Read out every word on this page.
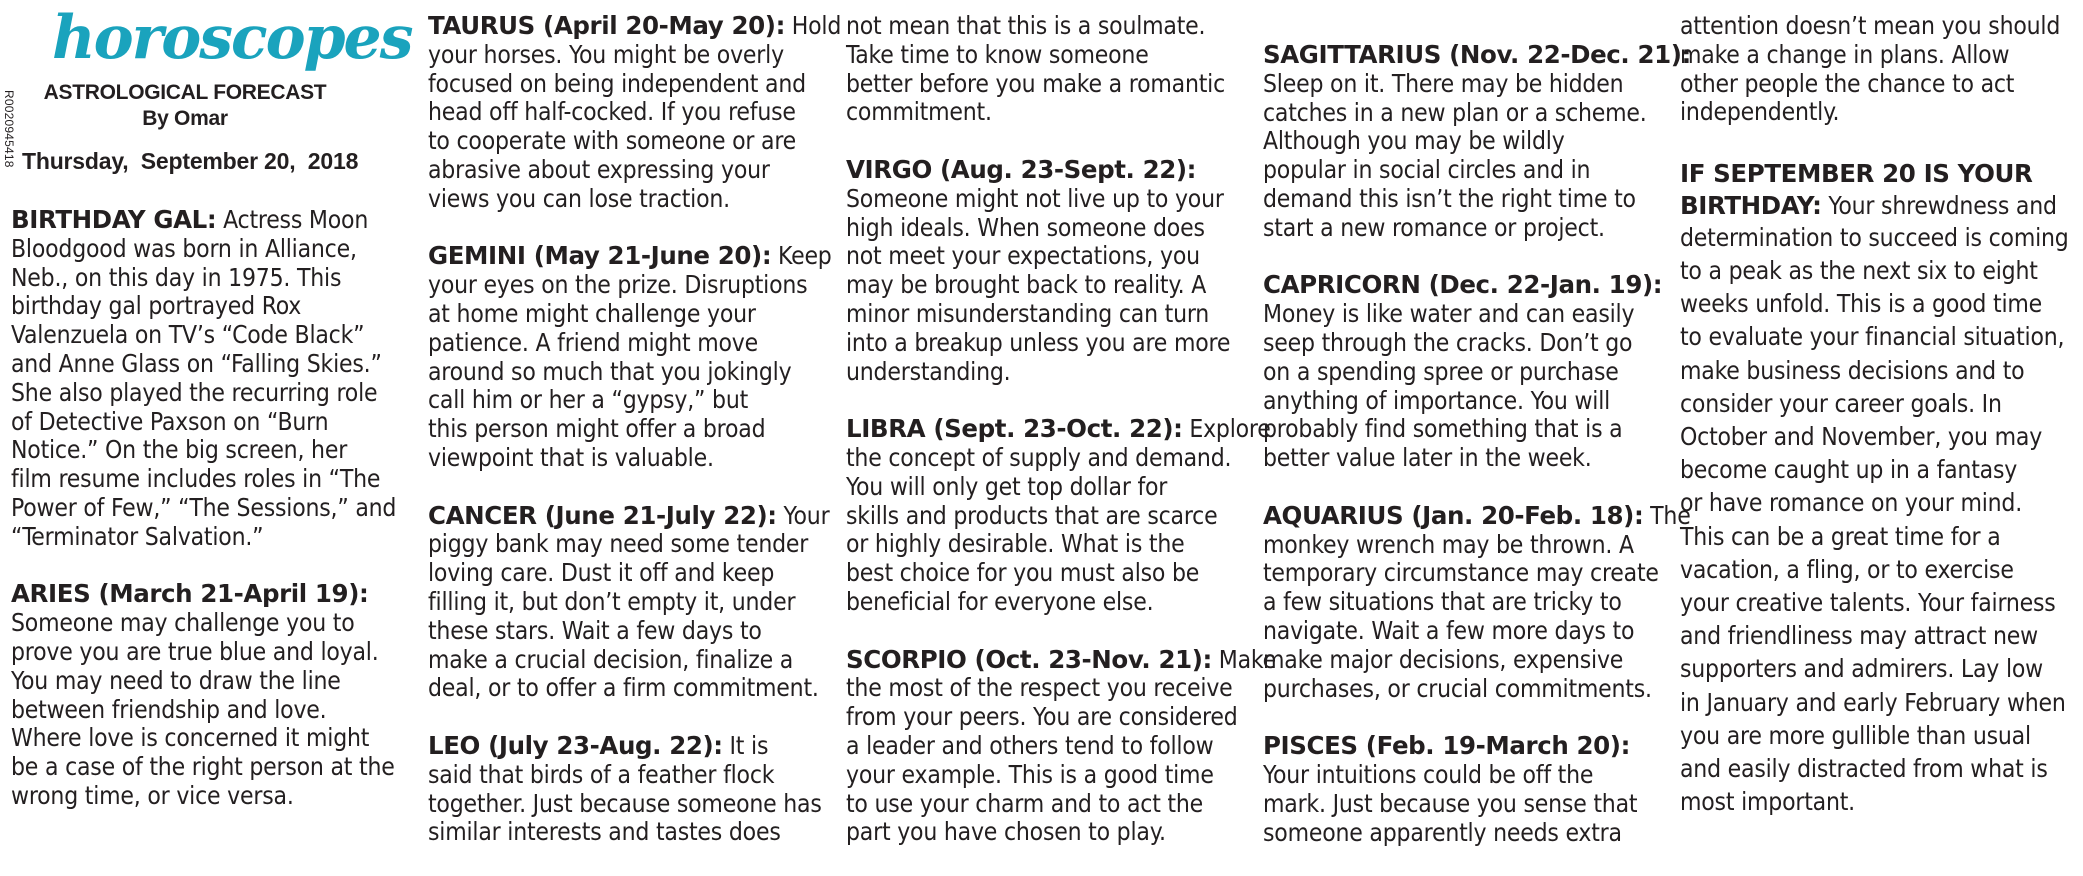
horoscopes
ASTROLOGICAL FORECAST
By Omar
Thursday,  September 20,  2018
R0020945418

BIRTHDAY GAL: Actress Moon
Bloodgood was born in Alliance,
Neb., on this day in 1975. This
birthday gal portrayed Rox
Valenzuela on TV’s “Code Black”
and Anne Glass on “Falling Skies.”
She also played the recurring role
of Detective Paxson on “Burn
Notice.” On the big screen, her
film resume includes roles in “The
Power of Few,” “The Sessions,” and
“Terminator Salvation.”

ARIES (March 21-April 19):
Someone may challenge you to
prove you are true blue and loyal.
You may need to draw the line
between friendship and love.
Where love is concerned it might
be a case of the right person at the
wrong time, or vice versa.

TAURUS (April 20-May 20): Hold
your horses. You might be overly
focused on being independent and
head off half-cocked. If you refuse
to cooperate with someone or are
abrasive about expressing your
views you can lose traction.

GEMINI (May 21-June 20): Keep
your eyes on the prize. Disruptions
at home might challenge your
patience. A friend might move
around so much that you jokingly
call him or her a “gypsy,” but
this person might offer a broad
viewpoint that is valuable.

CANCER (June 21-July 22): Your
piggy bank may need some tender
loving care. Dust it off and keep
filling it, but don’t empty it, under
these stars. Wait a few days to
make a crucial decision, finalize a
deal, or to offer a firm commitment.

LEO (July 23-Aug. 22): It is
said that birds of a feather flock
together. Just because someone has
similar interests and tastes does

not mean that this is a soulmate.
Take time to know someone
better before you make a romantic
commitment.

VIRGO (Aug. 23-Sept. 22):
Someone might not live up to your
high ideals. When someone does
not meet your expectations, you
may be brought back to reality. A
minor misunderstanding can turn
into a breakup unless you are more
understanding.

LIBRA (Sept. 23-Oct. 22): Explore
the concept of supply and demand.
You will only get top dollar for
skills and products that are scarce
or highly desirable. What is the
best choice for you must also be
beneficial for everyone else.

SCORPIO (Oct. 23-Nov. 21): Make
the most of the respect you receive
from your peers. You are considered
a leader and others tend to follow
your example. This is a good time
to use your charm and to act the
part you have chosen to play.

SAGITTARIUS (Nov. 22-Dec. 21):
Sleep on it. There may be hidden
catches in a new plan or a scheme.
Although you may be wildly
popular in social circles and in
demand this isn’t the right time to
start a new romance or project.

CAPRICORN (Dec. 22-Jan. 19):
Money is like water and can easily
seep through the cracks. Don’t go
on a spending spree or purchase
anything of importance. You will
probably find something that is a
better value later in the week.

AQUARIUS (Jan. 20-Feb. 18): The
monkey wrench may be thrown. A
temporary circumstance may create
a few situations that are tricky to
navigate. Wait a few more days to
make major decisions, expensive
purchases, or crucial commitments.

PISCES (Feb. 19-March 20):
Your intuitions could be off the
mark. Just because you sense that
someone apparently needs extra

attention doesn’t mean you should
make a change in plans. Allow
other people the chance to act
independently.

IF SEPTEMBER 20 IS YOUR
BIRTHDAY: Your shrewdness and
determination to succeed is coming
to a peak as the next six to eight
weeks unfold. This is a good time
to evaluate your financial situation,
make business decisions and to
consider your career goals. In
October and November, you may
become caught up in a fantasy
or have romance on your mind.
This can be a great time for a
vacation, a fling, or to exercise
your creative talents. Your fairness
and friendliness may attract new
supporters and admirers. Lay low
in January and early February when
you are more gullible than usual
and easily distracted from what is
most important.
